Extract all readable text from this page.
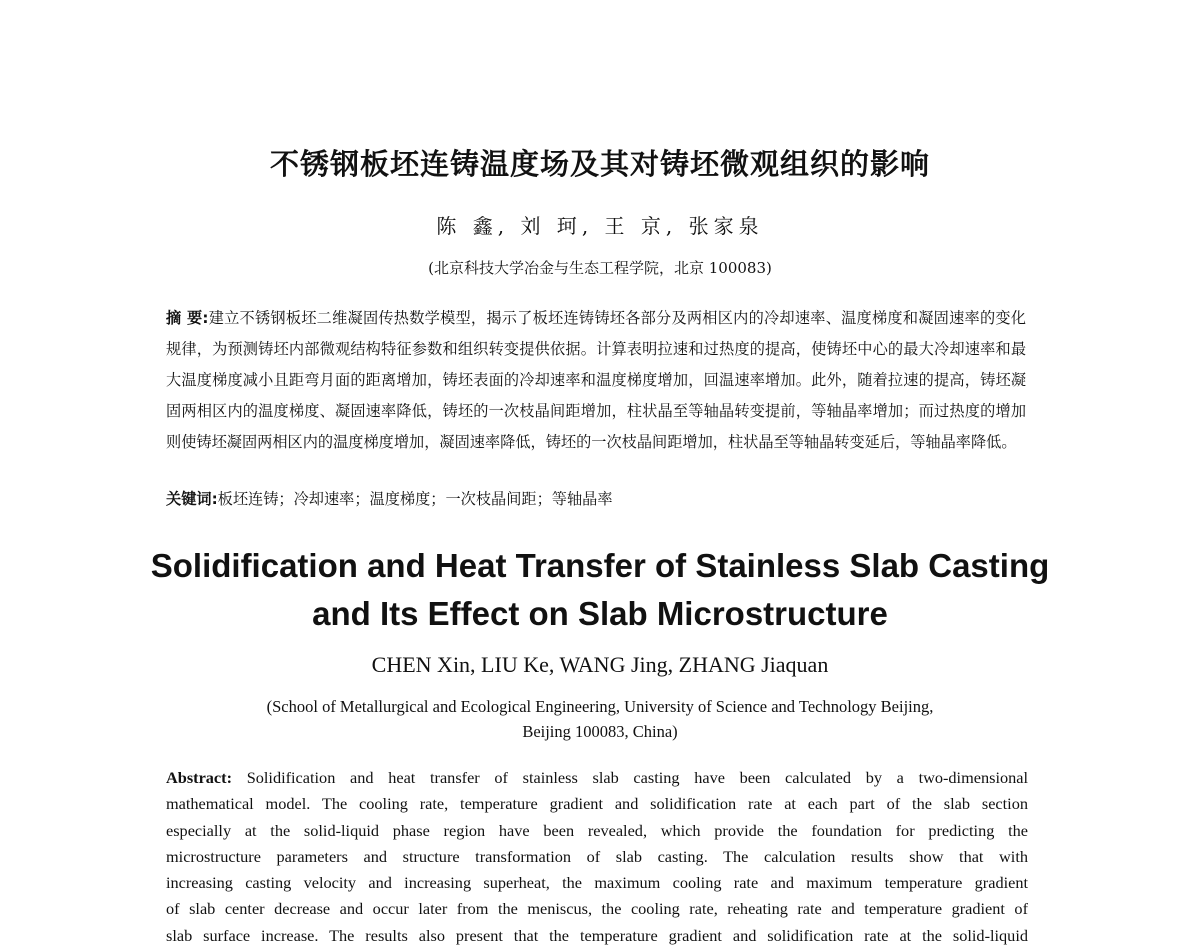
不锈钢板坯连铸温度场及其对铸坯微观组织的影响
陈 鑫, 刘 珂, 王 京, 张家泉
(北京科技大学冶金与生态工程学院，北京 100083)
摘 要:建立不锈钢板坯二维凝固传热数学模型，揭示了板坯连铸铸坯各部分及两相区内的冷却速率、温度梯度和凝固速率的变化规律，为预测铸坯内部微观结构特征参数和组织转变提供依据。计算表明拉速和过热度的提高，使铸坯中心的最大冷却速率和最大温度梯度减小且距弯月面的距离增加，铸坯表面的冷却速率和温度梯度增加，回温速率增加。此外，随着拉速的提高，铸坯凝固两相区内的温度梯度、凝固速率降低，铸坯的一次枝晶间距增加，柱状晶至等轴晶转变提前，等轴晶率增加；而过热度的增加则使铸坯凝固两相区内的温度梯度增加，凝固速率降低，铸坯的一次枝晶间距增加，柱状晶至等轴晶转变延后，等轴晶率降低。
关键词:板坯连铸；冷却速率；温度梯度；一次枝晶间距；等轴晶率
Solidification and Heat Transfer of Stainless Slab Casting
and Its Effect on Slab Microstructure
CHEN Xin, LIU Ke, WANG Jing, ZHANG Jiaquan
(School of Metallurgical and Ecological Engineering, University of Science and Technology Beijing,
Beijing 100083, China)
Abstract: Solidification and heat transfer of stainless slab casting have been calculated by a two-dimensional
mathematical model. The cooling rate, temperature gradient and solidification rate at each part of the slab section
especially at the solid-liquid phase region have been revealed, which provide the foundation for predicting the
microstructure parameters and structure transformation of slab casting. The calculation results show that with
increasing casting velocity and increasing superheat, the maximum cooling rate and maximum temperature gradient
of slab center decrease and occur later from the meniscus, the cooling rate, reheating rate and temperature gradient of
slab surface increase. The results also present that the temperature gradient and solidification rate at the solid-liquid
